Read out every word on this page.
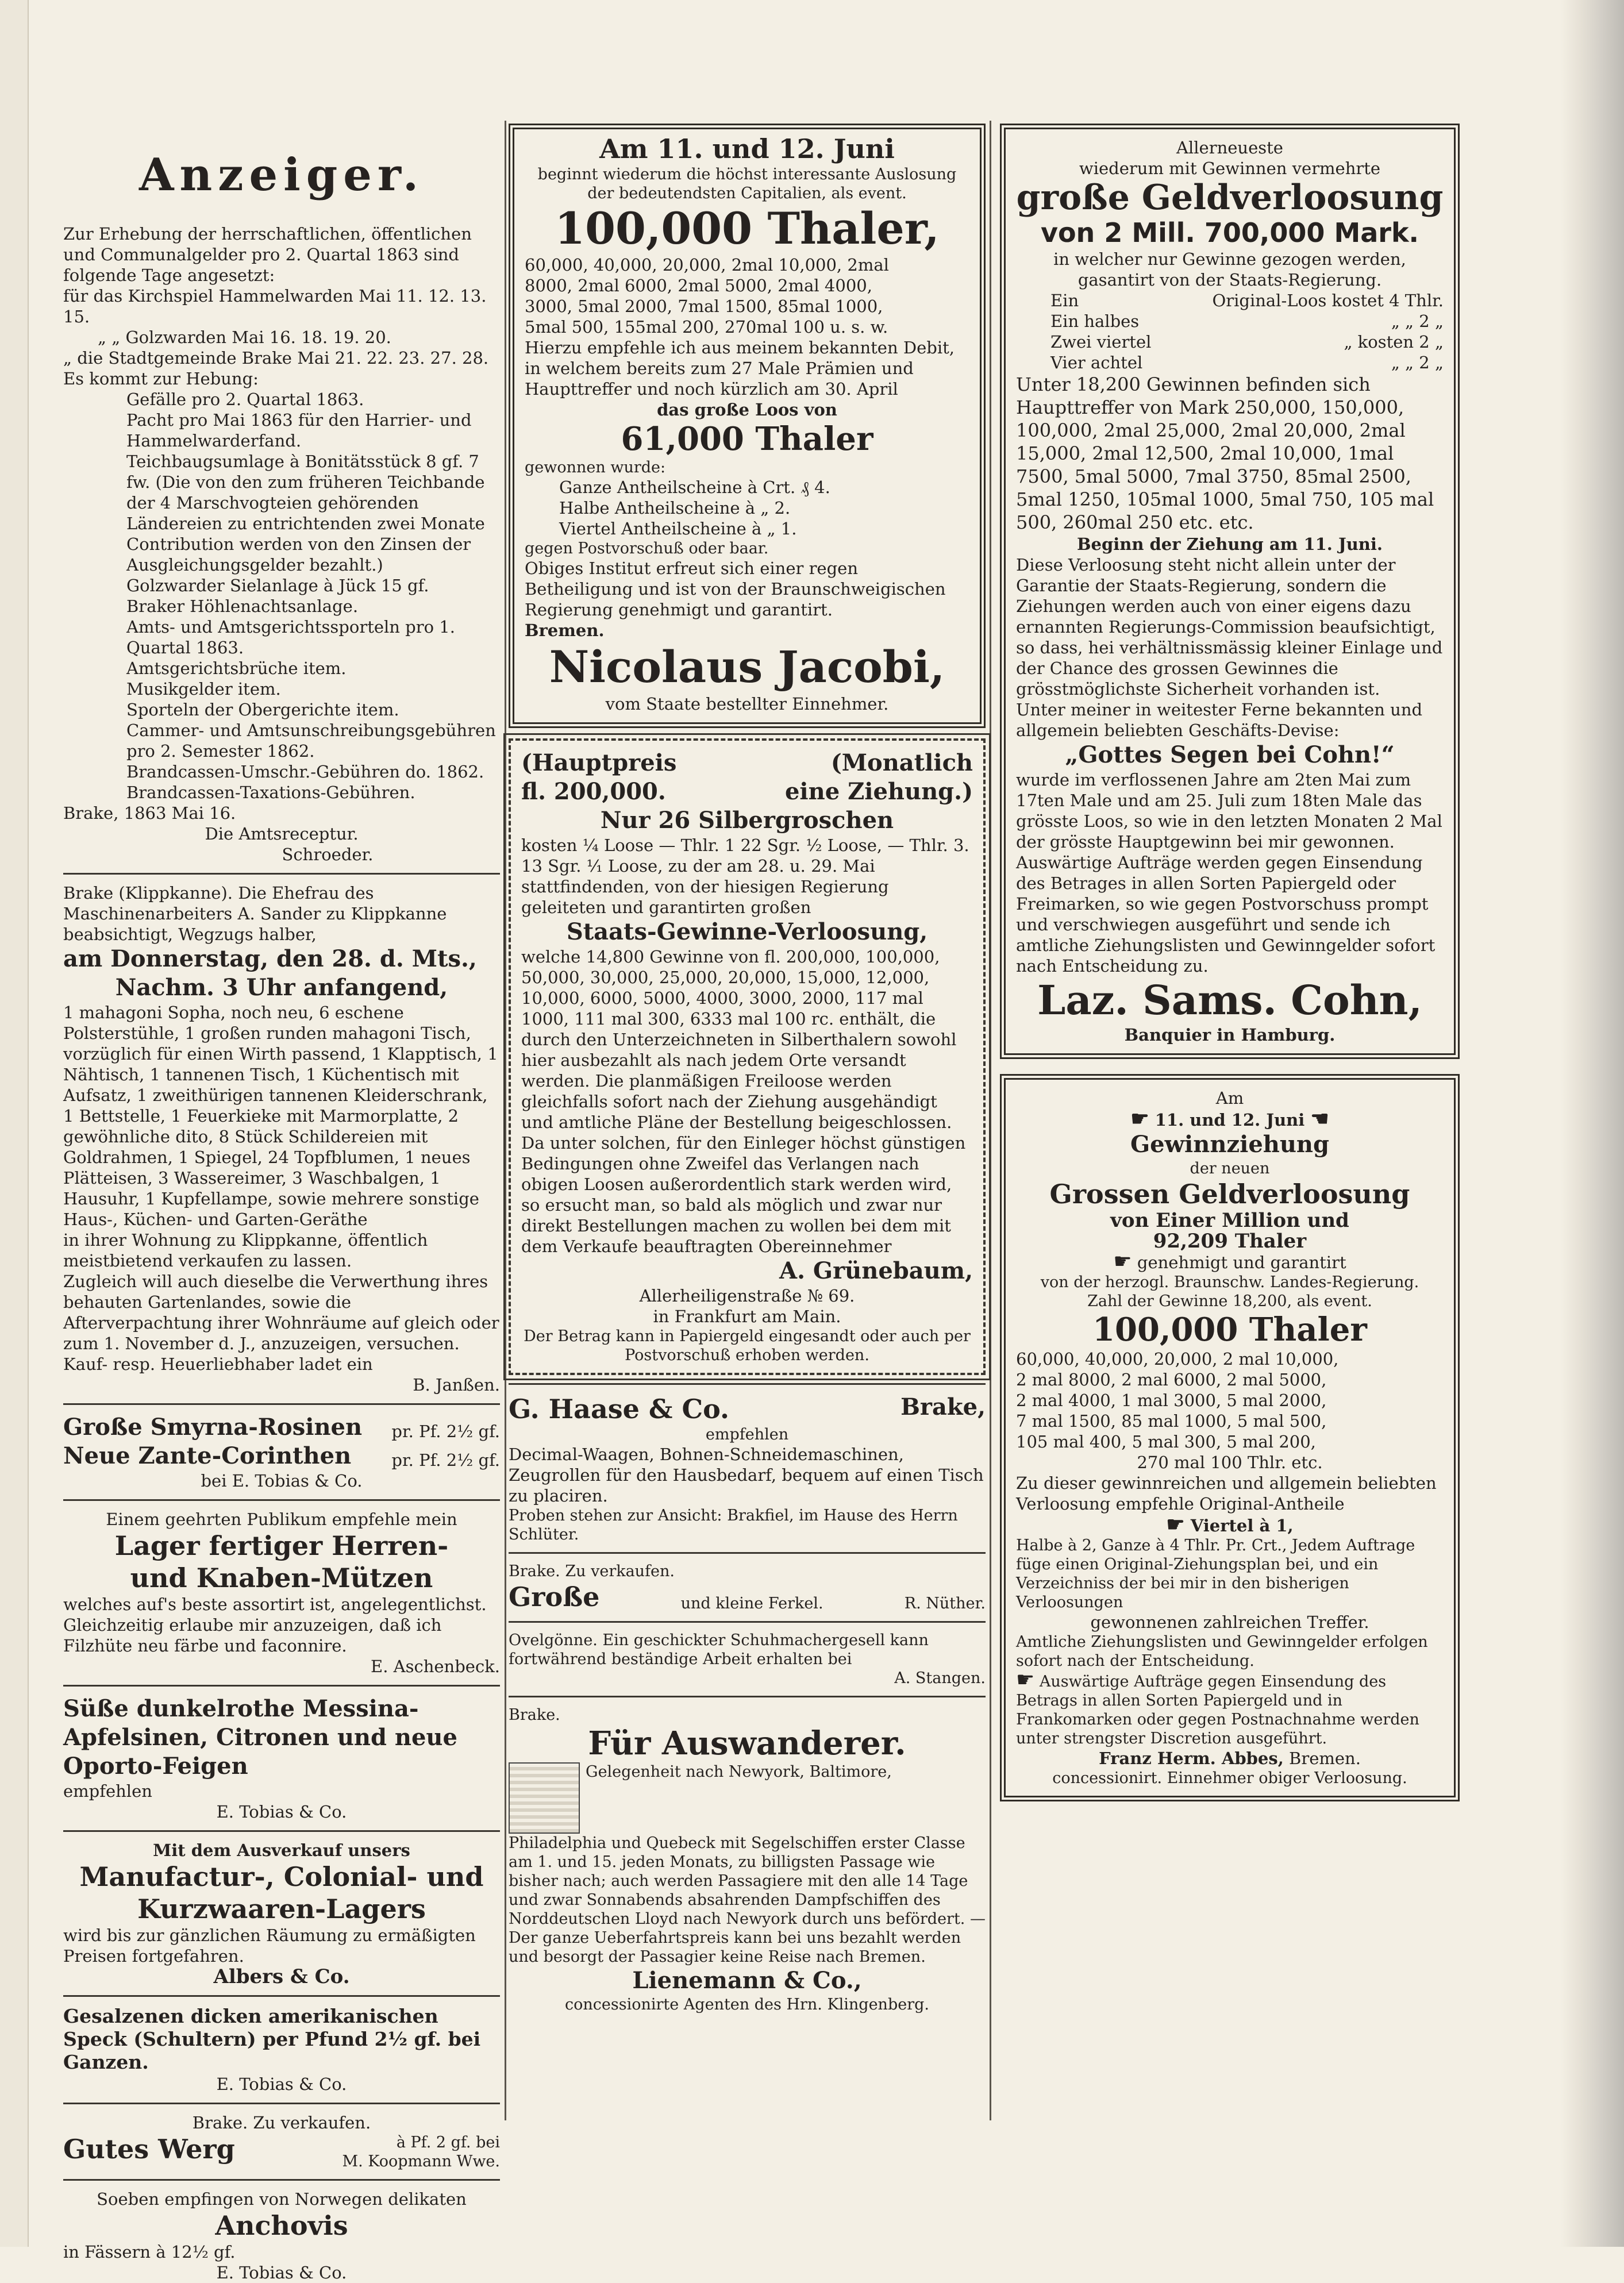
Anzeiger.

Zur Erhebung der herrschaftlichen, öffentlichen und Communalgelder pro 2. Quartal 1863 sind folgende Tage angesetzt:

für das Kirchspiel Hammelwarden Mai 11. 12. 13. 15.

„ „ Golzwarden Mai 16. 18. 19. 20.

„ die Stadtgemeinde Brake Mai 21. 22. 23. 27. 28.

Es kommt zur Hebung:

Gefälle pro 2. Quartal 1863.

Pacht pro Mai 1863 für den Harrier- und Hammelwarderfand.

Teichbaugsumlage à Bonitätsstück 8 gf. 7 fw. (Die von den zum früheren Teichbande der 4 Marschvogteien gehörenden Ländereien zu entrichtenden zwei Monate Contribution werden von den Zinsen der Ausgleichungsgelder bezahlt.)

Golzwarder Sielanlage à Jück 15 gf.

Braker Höhlenachtsanlage.

Amts- und Amtsgerichtssporteln pro 1. Quartal 1863.

Amtsgerichtsbrüche item.

Musikgelder item.

Sporteln der Obergerichte item.

Cammer- und Amtsunschreibungsgebühren pro 2. Semester 1862.

Brandcassen-Umschr.-Gebühren do. 1862.

Brandcassen-Taxations-Gebühren.

Brake, 1863 Mai 16.

Die Amtsreceptur.

Schroeder.

Brake (Klippkanne). Die Ehefrau des Maschinenarbeiters A. Sander zu Klippkanne beabsichtigt, Wegzugs halber,

am Donnerstag, den 28. d. Mts.,

Nachm. 3 Uhr anfangend,

1 mahagoni Sopha, noch neu, 6 eschene Polsterstühle, 1 großen runden mahagoni Tisch, vorzüglich für einen Wirth passend, 1 Klapptisch, 1 Nähtisch, 1 tannenen Tisch, 1 Küchentisch mit Aufsatz, 1 zweithürigen tannenen Kleiderschrank, 1 Bettstelle, 1 Feuerkieke mit Marmorplatte, 2 gewöhnliche dito, 8 Stück Schildereien mit Goldrahmen, 1 Spiegel, 24 Topfblumen, 1 neues Plätteisen, 3 Wassereimer, 3 Waschbalgen, 1 Hausuhr, 1 Kupfellampe, sowie mehrere sonstige Haus-, Küchen- und Garten-Geräthe

in ihrer Wohnung zu Klippkanne, öffentlich meistbietend verkaufen zu lassen.

Zugleich will auch dieselbe die Verwerthung ihres behauten Gartenlandes, sowie die Afterverpachtung ihrer Wohnräume auf gleich oder zum 1. November d. J., anzuzeigen, versuchen.

Kauf- resp. Heuerliebhaber ladet ein

B. Janßen.

Große Smyrna-Rosinen pr. Pf. 2½ gf.
Neue Zante-Corinthen pr. Pf. 2½ gf.

bei E. Tobias & Co.

Einem geehrten Publikum empfehle mein

Lager fertiger Herren-

und Knaben-Mützen

welches auf's beste assortirt ist, angelegentlichst. Gleichzeitig erlaube mir anzuzeigen, daß ich Filzhüte neu färbe und faconnire.

E. Aschenbeck.

Süße dunkelrothe Messina-Apfelsinen, Citronen und neue Oporto-Feigen

empfehlen

E. Tobias & Co.

Mit dem Ausverkauf unsers

Manufactur-, Colonial- und

Kurzwaaren-Lagers

wird bis zur gänzlichen Räumung zu ermäßigten Preisen fortgefahren.

Albers & Co.

Gesalzenen dicken amerikanischen Speck (Schultern) per Pfund 2½ gf. bei Ganzen.

E. Tobias & Co.

Brake. Zu verkaufen.

Gutes Werg	à Pf. 2 gf. bei
M. Koopmann Wwe.

Soeben empfingen von Norwegen delikaten

Anchovis

in Fässern à 12½ gf.

E. Tobias & Co.

Am 11. und 12. Juni

beginnt wiederum die höchst interessante Auslosung der bedeutendsten Capitalien, als event.

100,000 Thaler,

60,000, 40,000, 20,000, 2mal 10,000, 2mal

8000, 2mal 6000, 2mal 5000, 2mal 4000,

3000, 5mal 2000, 7mal 1500, 85mal 1000,

5mal 500, 155mal 200, 270mal 100 u. s. w.

Hierzu empfehle ich aus meinem bekannten Debit, in welchem bereits zum 27 Male Prämien und Haupttreffer und noch kürzlich am 30. April

das große Loos von

61,000 Thaler

gewonnen wurde:

Ganze Antheilscheine à Crt. ₰ 4.

Halbe Antheilscheine à „ 2.

Viertel Antheilscheine à „ 1.

gegen Postvorschuß oder baar.

Obiges Institut erfreut sich einer regen Betheiligung und ist von der Braunschweigischen Regierung genehmigt und garantirt.

Bremen.

Nicolaus Jacobi,

vom Staate bestellter Einnehmer.

(Hauptpreis	(Monatlich
fl. 200,000.	eine Ziehung.)

Nur 26 Silbergroschen

kosten ¼ Loose — Thlr. 1 22 Sgr. ½ Loose, — Thlr. 3. 13 Sgr. ⅟₁ Loose, zu der am 28. u. 29. Mai stattfindenden, von der hiesigen Regierung geleiteten und garantirten großen

Staats-Gewinne-Verloosung,

welche 14,800 Gewinne von fl. 200,000, 100,000, 50,000, 30,000, 25,000, 20,000, 15,000, 12,000, 10,000, 6000, 5000, 4000, 3000, 2000, 117 mal 1000, 111 mal 300, 6333 mal 100 rc. enthält, die durch den Unterzeichneten in Silberthalern sowohl hier ausbezahlt als nach jedem Orte versandt werden. Die planmäßigen Freiloose werden gleichfalls sofort nach der Ziehung ausgehändigt und amtliche Pläne der Bestellung beigeschlossen.

Da unter solchen, für den Einleger höchst günstigen Bedingungen ohne Zweifel das Verlangen nach obigen Loosen außerordentlich stark werden wird, so ersucht man, so bald als möglich und zwar nur direkt Bestellungen machen zu wollen bei dem mit dem Verkaufe beauftragten Obereinnehmer

A. Grünebaum,

Allerheiligenstraße № 69.

in Frankfurt am Main.

Der Betrag kann in Papiergeld eingesandt oder auch per Postvorschuß erhoben werden.

G. Haase & Co.	Brake,

empfehlen

Decimal-Waagen, Bohnen-Schneidemaschinen, Zeugrollen für den Hausbedarf, bequem auf einen Tisch zu placiren.

Proben stehen zur Ansicht: Brakfiel, im Hause des Herrn Schlüter.

Brake. Zu verkaufen.

Große	und kleine Ferkel.	R. Nüther.

Ovelgönne. Ein geschickter Schuhmachergesell kann fortwährend beständige Arbeit erhalten bei

A. Stangen.

Brake.

Für Auswanderer.

Gelegenheit nach Newyork, Baltimore, Philadelphia und Quebeck mit Segelschiffen erster Classe am 1. und 15. jeden Monats, zu billigsten Passage wie bisher nach; auch werden Passagiere mit den alle 14 Tage und zwar Sonnabends absahrenden Dampfschiffen des Norddeutschen Lloyd nach Newyork durch uns befördert. — Der ganze Ueberfahrtspreis kann bei uns bezahlt werden und besorgt der Passagier keine Reise nach Bremen.

Lienemann & Co.,

concessionirte Agenten des Hrn. Klingenberg.

Allerneueste

wiederum mit Gewinnen vermehrte

große Geldverloosung

von 2 Mill. 700,000 Mark.

in welcher nur Gewinne gezogen werden, gasantirt von der Staats-Regierung.

Ein	Original-Loos kostet 4 Thlr.
Ein halbes	„ „ 2 „
Zwei viertel	„ kosten 2 „
Vier achtel	„ „ 2 „

Unter 18,200 Gewinnen befinden sich Haupttreffer von Mark 250,000, 150,000, 100,000, 2mal 25,000, 2mal 20,000, 2mal 15,000, 2mal 12,500, 2mal 10,000, 1mal 7500, 5mal 5000, 7mal 3750, 85mal 2500, 5mal 1250, 105mal 1000, 5mal 750, 105 mal 500, 260mal 250 etc. etc.

Beginn der Ziehung am 11. Juni.

Diese Verloosung steht nicht allein unter der Garantie der Staats-Regierung, sondern die Ziehungen werden auch von einer eigens dazu ernannten Regierungs-Commission beaufsichtigt, so dass, hei verhältnissmässig kleiner Einlage und der Chance des grossen Gewinnes die grösstmöglichste Sicherheit vorhanden ist.

Unter meiner in weitester Ferne bekannten und allgemein beliebten Geschäfts-Devise:

„Gottes Segen bei Cohn!“

wurde im verflossenen Jahre am 2ten Mai zum 17ten Male und am 25. Juli zum 18ten Male das grösste Loos, so wie in den letzten Monaten 2 Mal der grösste Hauptgewinn bei mir gewonnen.

Auswärtige Aufträge werden gegen Einsendung des Betrages in allen Sorten Papiergeld oder Freimarken, so wie gegen Postvorschuss prompt und verschwiegen ausgeführt und sende ich amtliche Ziehungslisten und Gewinngelder sofort nach Entscheidung zu.

Laz. Sams. Cohn,

Banquier in Hamburg.

Am

☛ 11. und 12. Juni ☚

Gewinnziehung

der neuen

Grossen Geldverloosung

von Einer Million und

92,209 Thaler

☛ genehmigt und garantirt

von der herzogl. Braunschw. Landes-Regierung.

Zahl der Gewinne 18,200, als event.

100,000 Thaler

60,000, 40,000, 20,000, 2 mal 10,000,

2 mal 8000, 2 mal 6000, 2 mal 5000,

2 mal 4000, 1 mal 3000, 5 mal 2000,

7 mal 1500, 85 mal 1000, 5 mal 500,

105 mal 400, 5 mal 300, 5 mal 200,

270 mal 100 Thlr. etc.

Zu dieser gewinnreichen und allgemein beliebten Verloosung empfehle Original-Antheile

☛ Viertel à 1,

Halbe à 2, Ganze à 4 Thlr. Pr. Crt., Jedem Auftrage füge einen Original-Ziehungsplan bei, und ein Verzeichniss der bei mir in den bisherigen Verloosungen

gewonnenen zahlreichen Treffer.

Amtliche Ziehungslisten und Gewinngelder erfolgen sofort nach der Entscheidung.

☛ Auswärtige Aufträge gegen Einsendung des Betrags in allen Sorten Papiergeld und in Frankomarken oder gegen Postnachnahme werden unter strengster Discretion ausgeführt.

Franz Herm. Abbes, Bremen.

concessionirt. Einnehmer obiger Verloosung.
